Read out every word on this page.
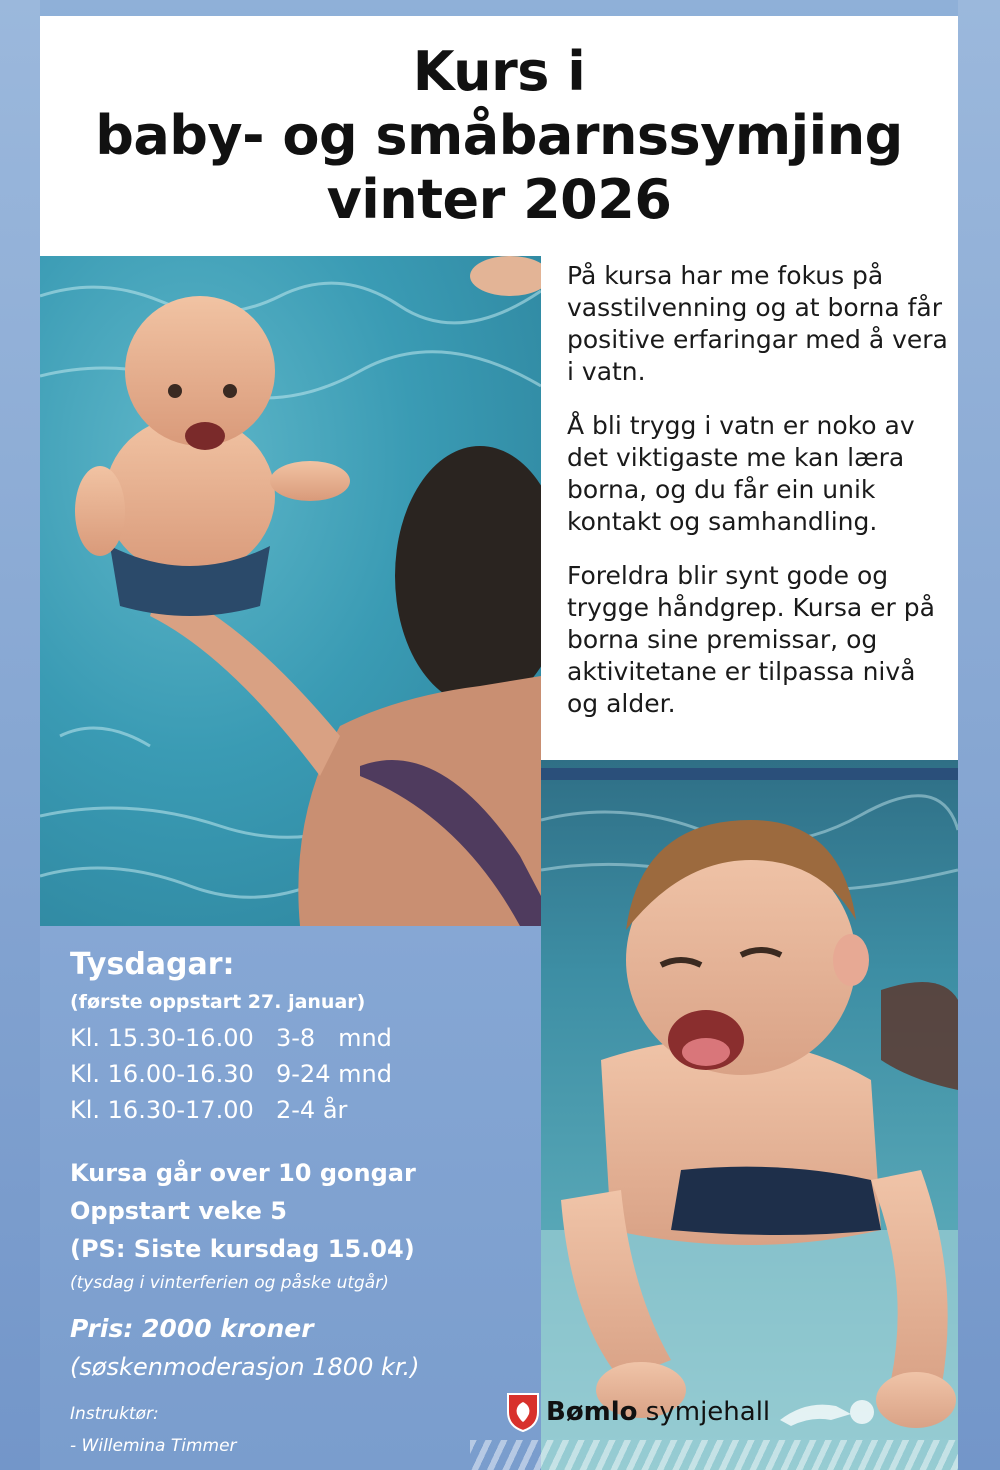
Kurs i
baby- og småbarnssymjing
vinter 2026

På kursa har me fokus på vasstilvenning og at borna får positive erfaringar med å vera i vatn.

Å bli trygg i vatn er noko av det viktigaste me kan læra borna, og du får ein unik kontakt og samhandling.

Foreldra blir synt gode og trygge håndgrep. Kursa er på borna sine premissar, og aktivitetane er tilpassa nivå og alder.

Tysdagar:
(første oppstart 27. januar)
Kl. 15.30-16.00 3-8   mnd
Kl. 16.00-16.30 9-24 mnd
Kl. 16.30-17.00 2-4 år
Kursa går over 10 gongar
Oppstart veke 5
(PS: Siste kursdag 15.04)
(tysdag i vinterferien og påske utgår)
Pris: 2000 kroner
(søskenmoderasjon 1800 kr.)
Instruktør:
- Willemina Timmer
Bømlo symjehall
